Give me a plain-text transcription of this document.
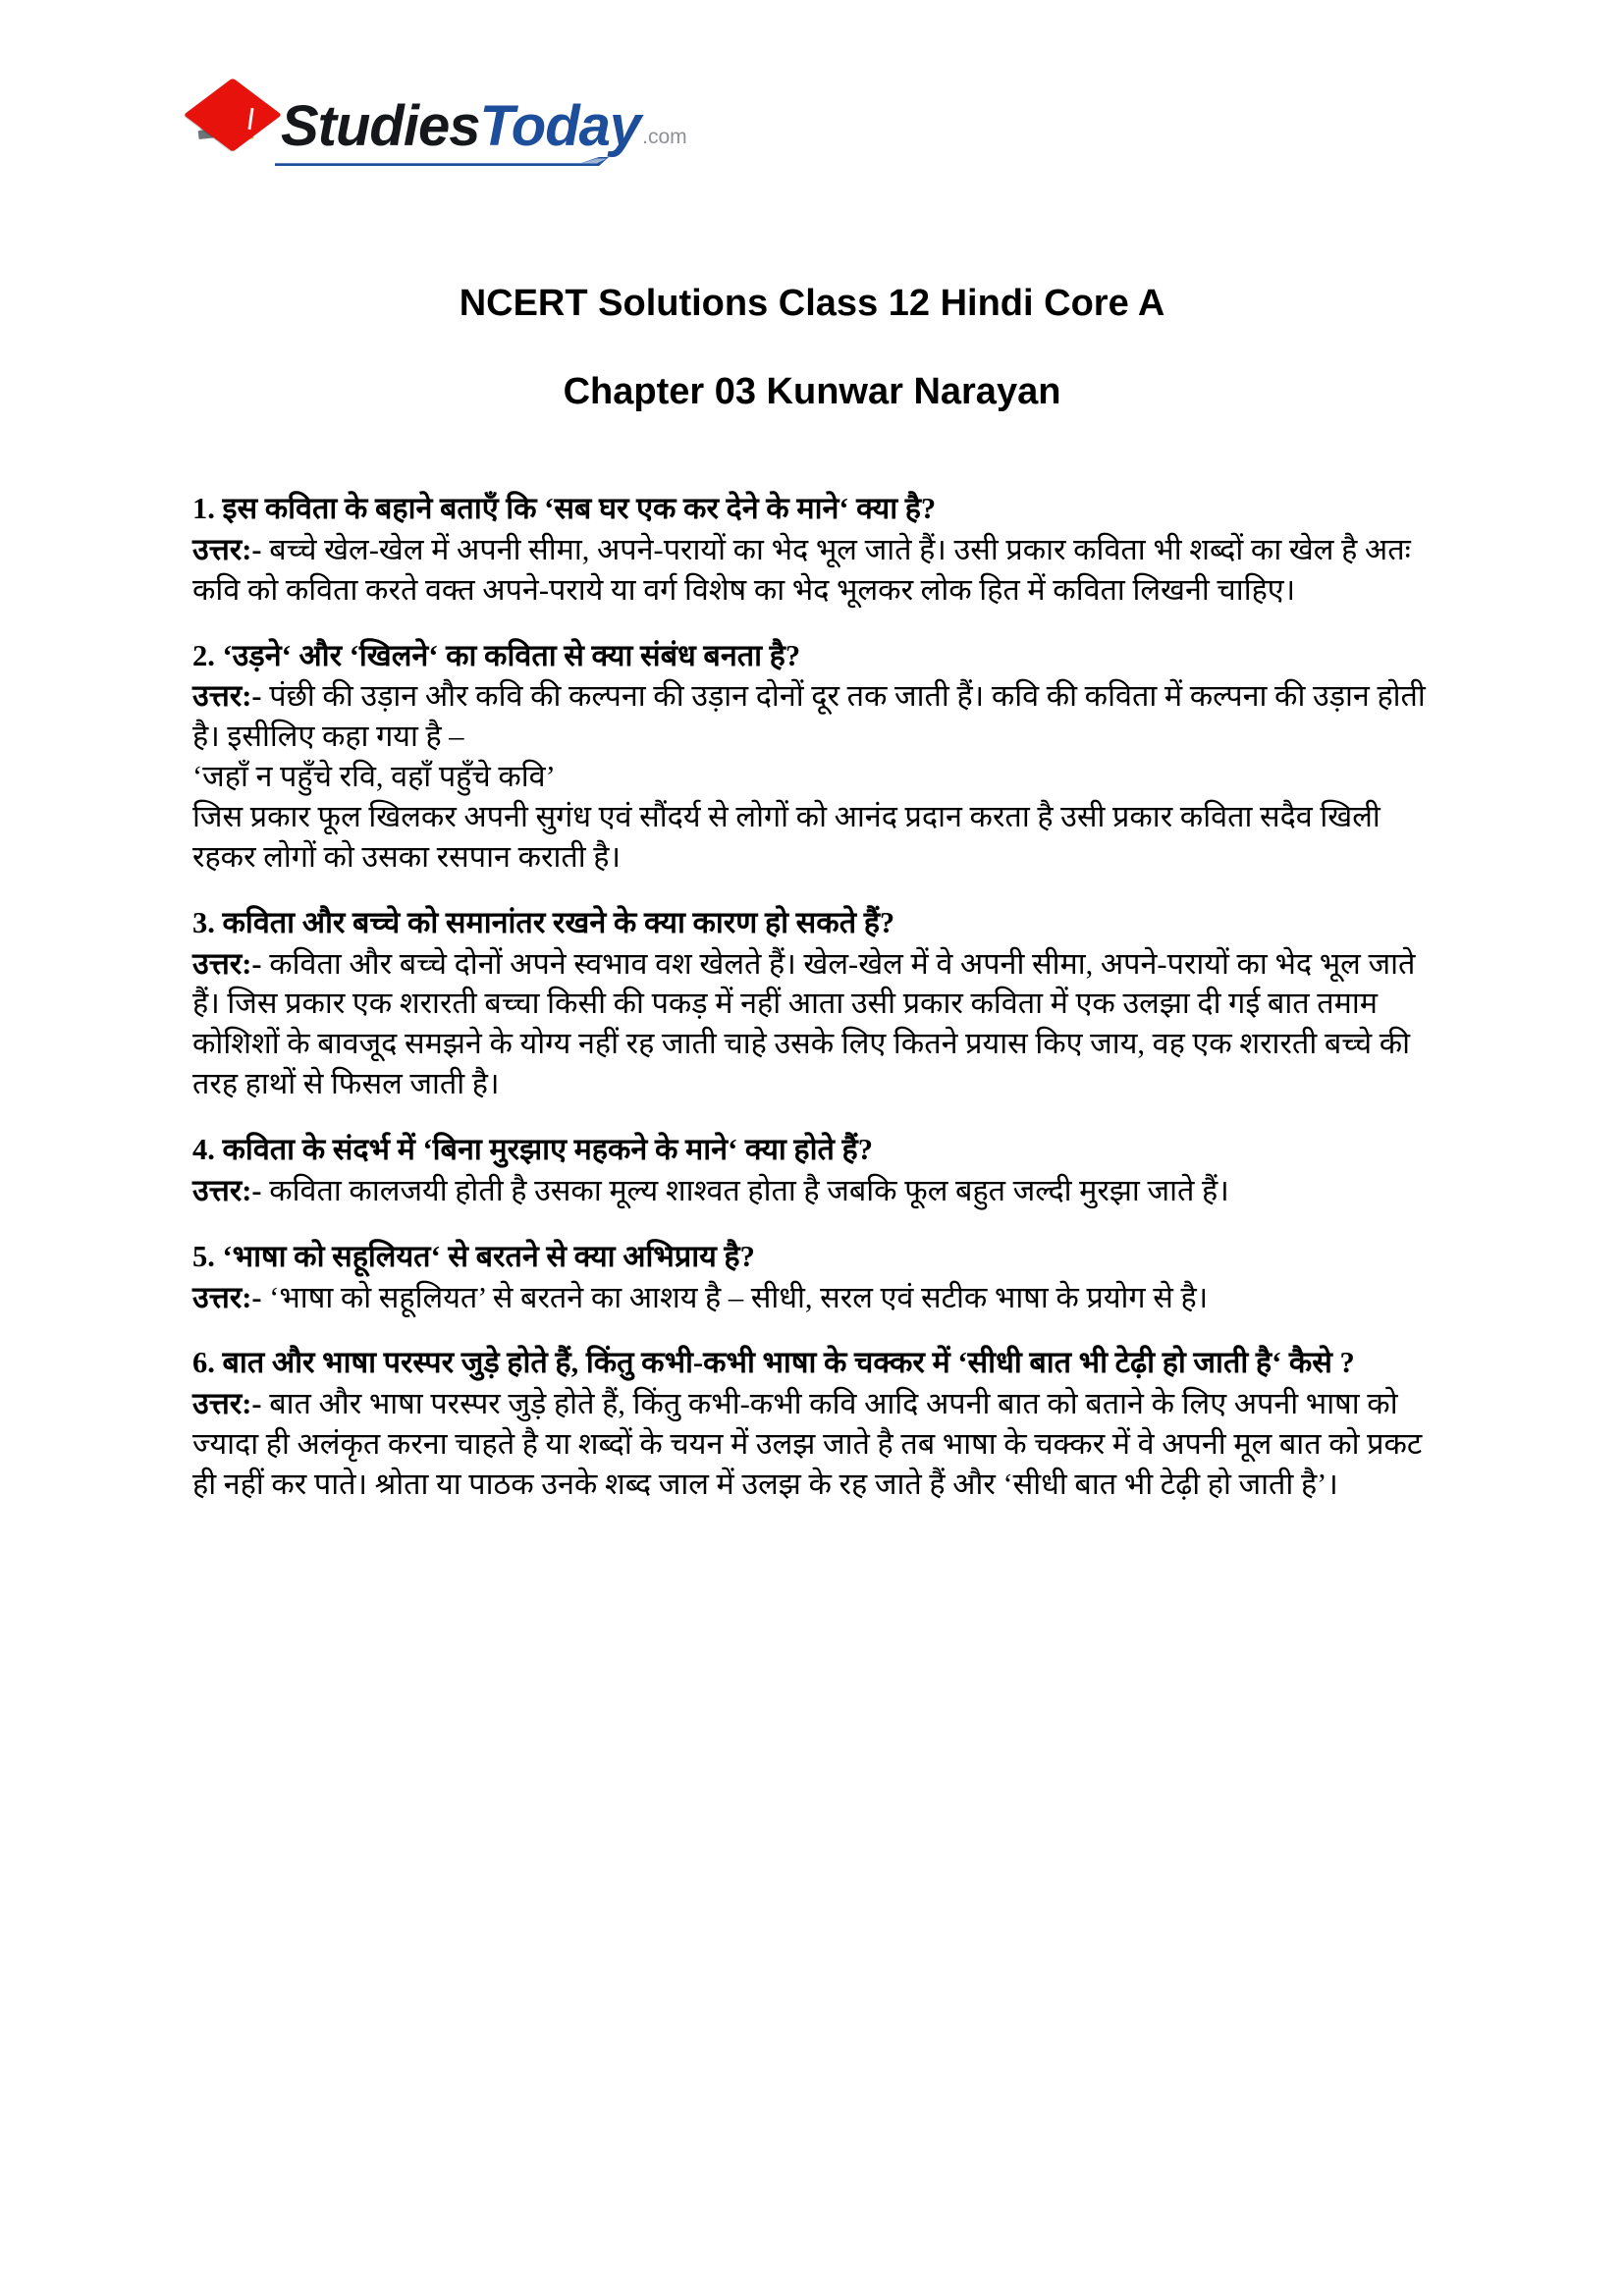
Studies Today .com
NCERT Solutions Class 12 Hindi Core A
Chapter 03 Kunwar Narayan

1. इस कविता के बहाने बताएँ कि ‘सब घर एक कर देने के माने‘ क्या है?

उत्तर:- बच्चे खेल-खेल में अपनी सीमा, अपने-परायों का भेद भूल जाते हैं। उसी प्रकार कविता भी शब्दों का खेल है अतः कवि को कविता करते वक्त अपने-पराये या वर्ग विशेष का भेद भूलकर लोक हित में कविता लिखनी चाहिए।

2. ‘उड़ने‘ और ‘खिलने‘ का कविता से क्या संबंध बनता है?

उत्तर:- पंछी की उड़ान और कवि की कल्पना की उड़ान दोनों दूर तक जाती हैं। कवि की कविता में कल्पना की उड़ान होती है। इसीलिए कहा गया है –

‘जहाँ न पहुँचे रवि, वहाँ पहुँचे कवि’

जिस प्रकार फूल खिलकर अपनी सुगंध एवं सौंदर्य से लोगों को आनंद प्रदान करता है उसी प्रकार कविता सदैव खिली रहकर लोगों को उसका रसपान कराती है।

3. कविता और बच्चे को समानांतर रखने के क्या कारण हो सकते हैं?

उत्तर:- कविता और बच्चे दोनों अपने स्वभाव वश खेलते हैं। खेल-खेल में वे अपनी सीमा, अपने-परायों का भेद भूल जाते हैं। जिस प्रकार एक शरारती बच्चा किसी की पकड़ में नहीं आता उसी प्रकार कविता में एक उलझा दी गई बात तमाम कोशिशों के बावजूद समझने के योग्य नहीं रह जाती चाहे उसके लिए कितने प्रयास किए जाय, वह एक शरारती बच्चे की तरह हाथों से फिसल जाती है।

4. कविता के संदर्भ में ‘बिना मुरझाए महकने के माने‘ क्या होते हैं?

उत्तर:- कविता कालजयी होती है उसका मूल्य शाश्वत होता है जबकि फूल बहुत जल्दी मुरझा जाते हैं।

5. ‘भाषा को सहूलियत‘ से बरतने से क्या अभिप्राय है?

उत्तर:- ‘भाषा को सहूलियत’ से बरतने का आशय है – सीधी, सरल एवं सटीक भाषा के प्रयोग से है।

6. बात और भाषा परस्पर जुड़े होते हैं, किंतु कभी-कभी भाषा के चक्कर में ‘सीधी बात भी टेढ़ी हो जाती है‘ कैसे ?

उत्तर:- बात और भाषा परस्पर जुड़े होते हैं, किंतु कभी-कभी कवि आदि अपनी बात को बताने के लिए अपनी भाषा को ज्यादा ही अलंकृत करना चाहते है या शब्दों के चयन में उलझ जाते है तब भाषा के चक्कर में वे अपनी मूल बात को प्रकट ही नहीं कर पाते। श्रोता या पाठक उनके शब्द जाल में उलझ के रह जाते हैं और ‘सीधी बात भी टेढ़ी हो जाती है’।
